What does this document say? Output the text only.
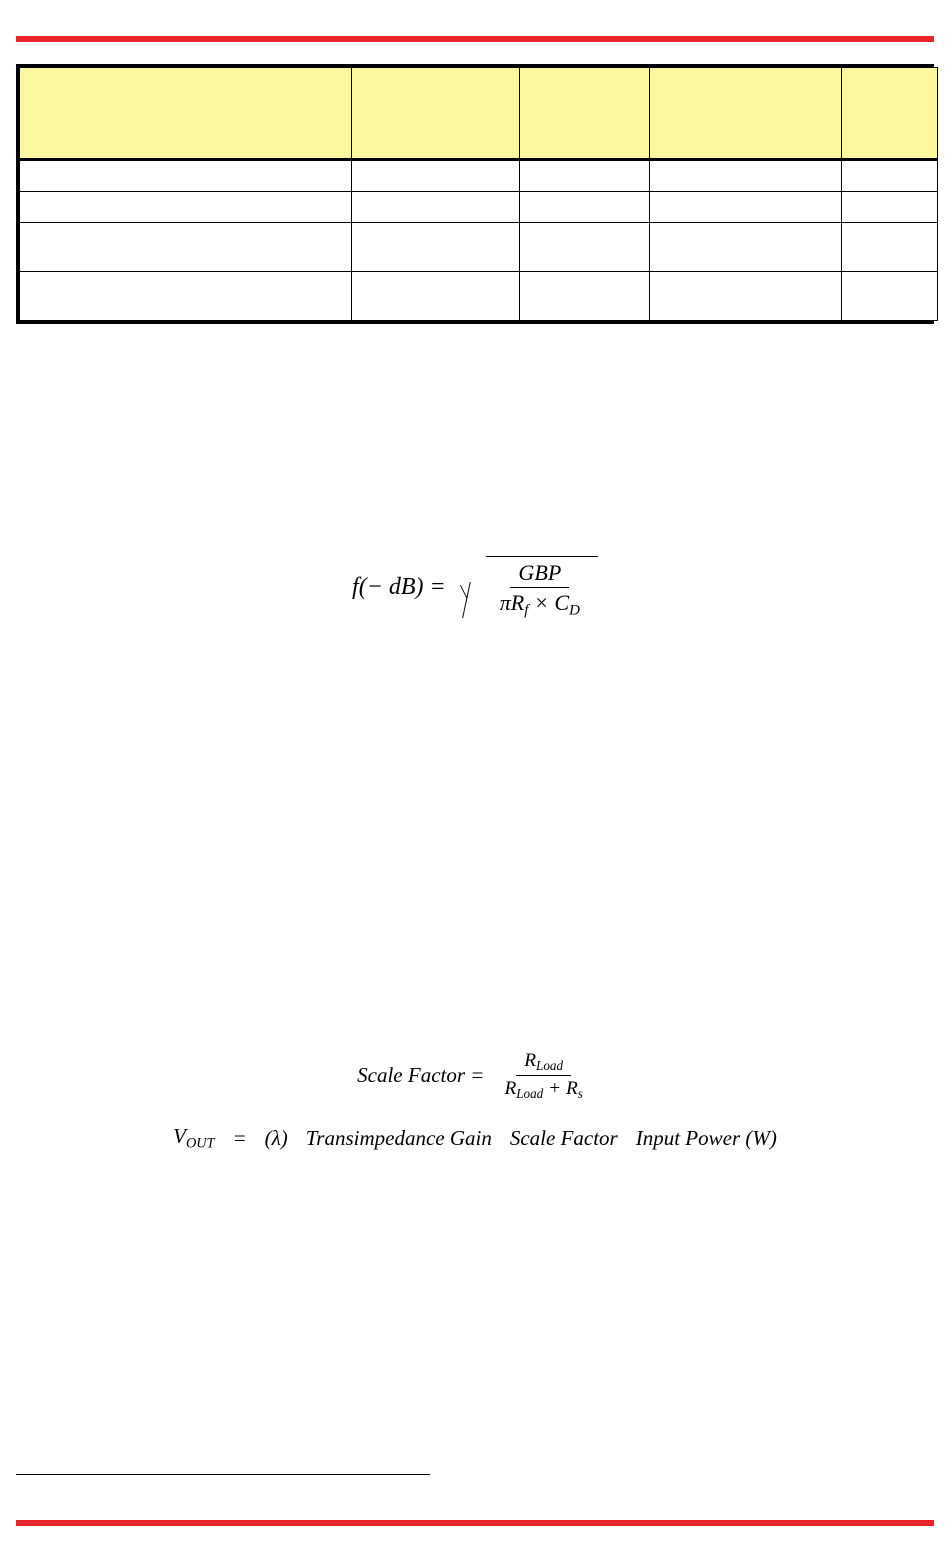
$f(- dB) = \frac{\text{GBP}}{\pi R_f \times C_D}$
Scale Factor = $\frac{R_{Load}}{R_{Load} + R_s}$
$V_{OUT} = (\lambda)$ Transimpedance Gain Scale Factor Input Power (W)
